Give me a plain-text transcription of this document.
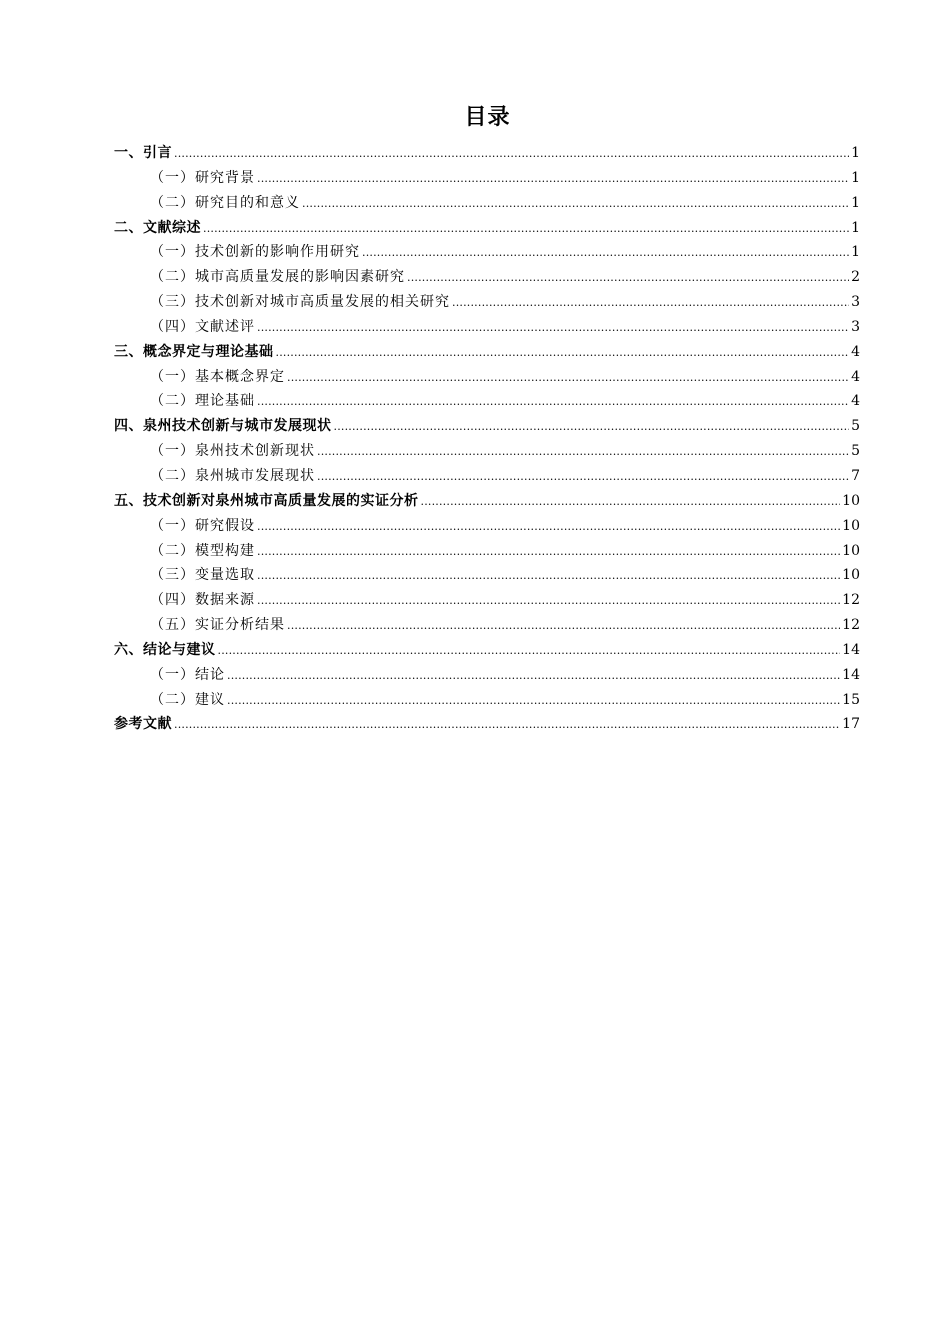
目录
一、引言 .....	1
（一）研究背景 .....	1
（二）研究目的和意义 .....	1
二、文献综述 .....	1
（一）技术创新的影响作用研究 .....	1
（二）城市高质量发展的影响因素研究 .....	2
（三）技术创新对城市高质量发展的相关研究 .....	3
（四）文献述评 .....	3
三、概念界定与理论基础 .....	4
（一）基本概念界定 .....	4
（二）理论基础 .....	4
四、泉州技术创新与城市发展现状 .....	5
（一）泉州技术创新现状 .....	5
（二）泉州城市发展现状 .....	7
五、技术创新对泉州城市高质量发展的实证分析 .....	10
（一）研究假设 .....	10
（二）模型构建 .....	10
（三）变量选取 .....	10
（四）数据来源 .....	12
（五）实证分析结果 .....	12
六、结论与建议 .....	14
（一）结论 .....	14
（二）建议 .....	15
参考文献 .....	17
